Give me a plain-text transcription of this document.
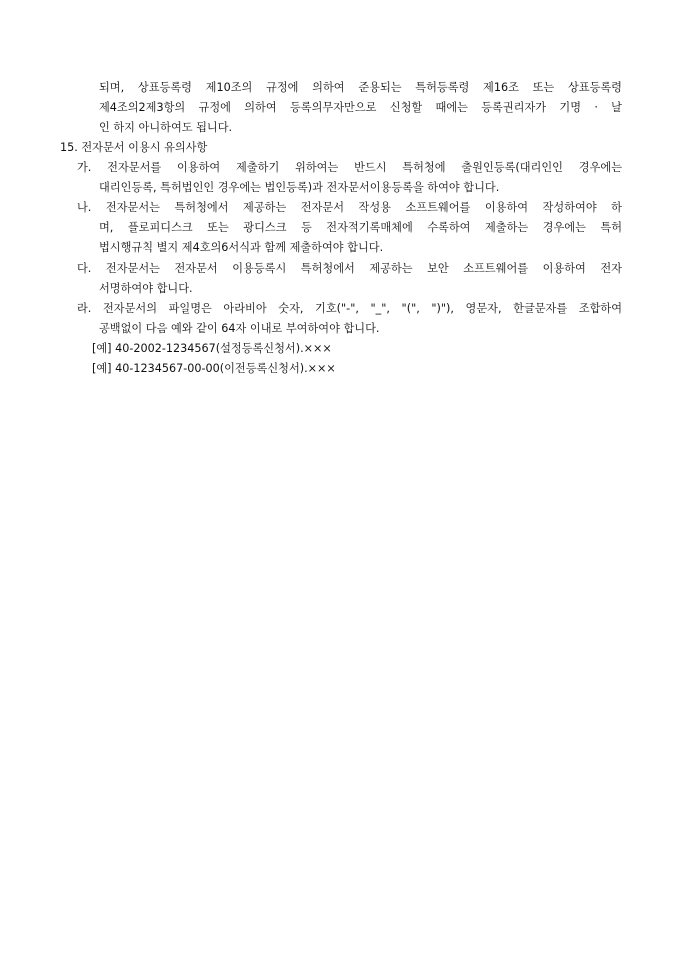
되며, 상표등록령 제10조의 규정에 의하여 준용되는 특허등록령 제16조 또는 상표등록령
제4조의2제3항의 규정에 의하여 등록의무자만으로 신청할 때에는 등록권리자가 기명 · 날
인 하지 아니하여도 됩니다.
15. 전자문서 이용시 유의사항
가. 전자문서를 이용하여 제출하기 위하여는 반드시 특허청에 출원인등록(대리인인 경우에는
대리인등록, 특허법인인 경우에는 법인등록)과 전자문서이용등록을 하여야 합니다.
나. 전자문서는 특허청에서 제공하는 전자문서 작성용 소프트웨어를 이용하여 작성하여야 하
며, 플로피디스크 또는 광디스크 등 전자적기록매체에 수록하여 제출하는 경우에는 특허
법시행규칙 별지 제4호의6서식과 함께 제출하여야 합니다.
다. 전자문서는 전자문서 이용등록시 특허청에서 제공하는 보안 소프트웨어를 이용하여 전자
서명하여야 합니다.
라. 전자문서의 파일명은 아라비아 숫자, 기호("-", "_", "(", ")"), 영문자, 한글문자를 조합하여
공백없이 다음 예와 같이 64자 이내로 부여하여야 합니다.
[예] 40-2002-1234567(설정등록신청서).×××
[예] 40-1234567-00-00(이전등록신청서).×××
